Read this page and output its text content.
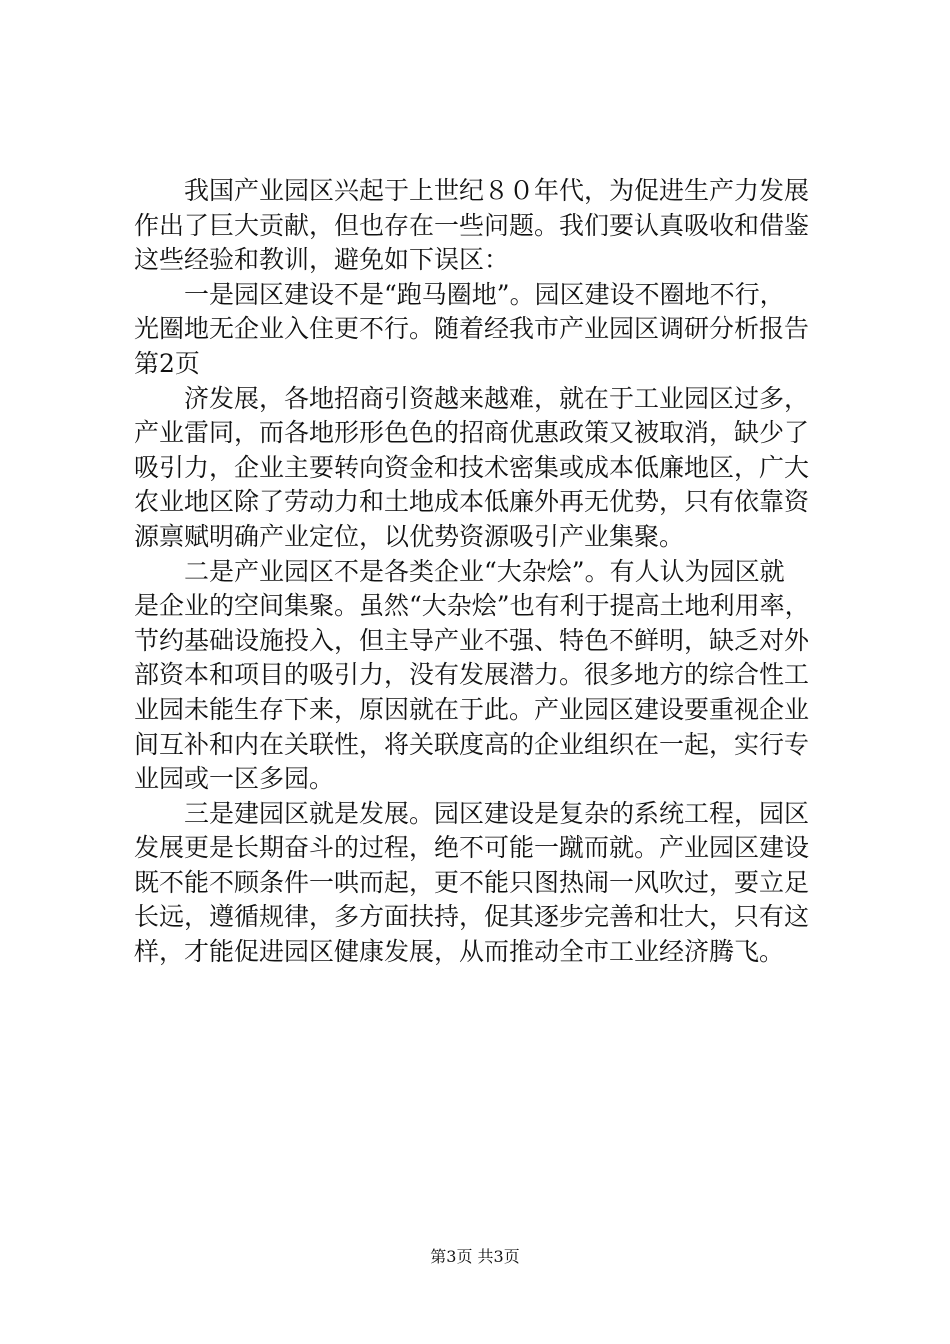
我国产业园区兴起于上世纪８０年代，为促进生产力发展

作出了巨大贡献，但也存在一些问题。我们要认真吸收和借鉴

这些经验和教训，避免如下误区：

一是园区建设不是“跑马圈地”。园区建设不圈地不行，

光圈地无企业入住更不行。随着经我市产业园区调研分析报告

第2页

济发展，各地招商引资越来越难，就在于工业园区过多，

产业雷同，而各地形形色色的招商优惠政策又被取消，缺少了

吸引力，企业主要转向资金和技术密集或成本低廉地区，广大

农业地区除了劳动力和土地成本低廉外再无优势，只有依靠资

源禀赋明确产业定位，以优势资源吸引产业集聚。

二是产业园区不是各类企业“大杂烩”。有人认为园区就

是企业的空间集聚。虽然“大杂烩”也有利于提高土地利用率，

节约基础设施投入，但主导产业不强、特色不鲜明，缺乏对外

部资本和项目的吸引力，没有发展潜力。很多地方的综合性工

业园未能生存下来，原因就在于此。产业园区建设要重视企业

间互补和内在关联性，将关联度高的企业组织在一起，实行专

业园或一区多园。

三是建园区就是发展。园区建设是复杂的系统工程，园区

发展更是长期奋斗的过程，绝不可能一蹴而就。产业园区建设

既不能不顾条件一哄而起，更不能只图热闹一风吹过，要立足

长远，遵循规律，多方面扶持，促其逐步完善和壮大，只有这

样，才能促进园区健康发展，从而推动全市工业经济腾飞。

第3页 共3页
